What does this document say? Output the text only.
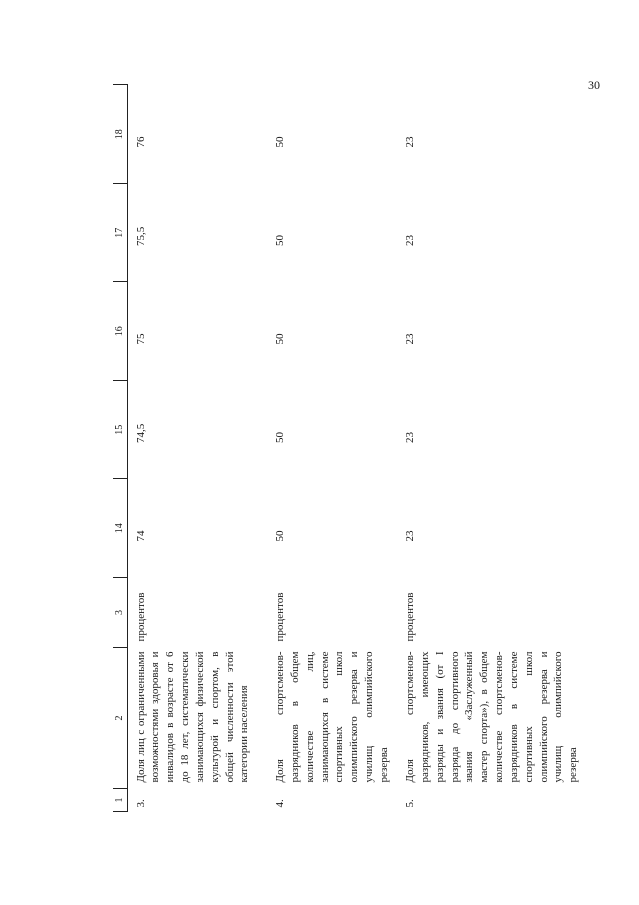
30
1	2	3	14	15	16	17	18
3.	Доля лиц с ограниченными возможностями здоровья и инвалидов в возрасте от 6 до 18 лет, систематически занимающихся физической культурой и спортом, в общей численности этой категории населения	процентов	74	74,5	75	75,5	76
4.	Доля спортсменов-разрядников в общем количестве лиц, занимающихся в системе спортивных школ олимпийского резерва и училищ олимпийского резерва	процентов	50	50	50	50	50
5.	Доля спортсменов-разрядников, имеющих разряды и звания (от I разряда до спортивного звания «Заслуженный мастер спорта»), в общем количестве спортсменов-разрядников в системе спортивных школ олимпийского резерва и училищ олимпийского резерва	процентов	23	23	23	23	23
